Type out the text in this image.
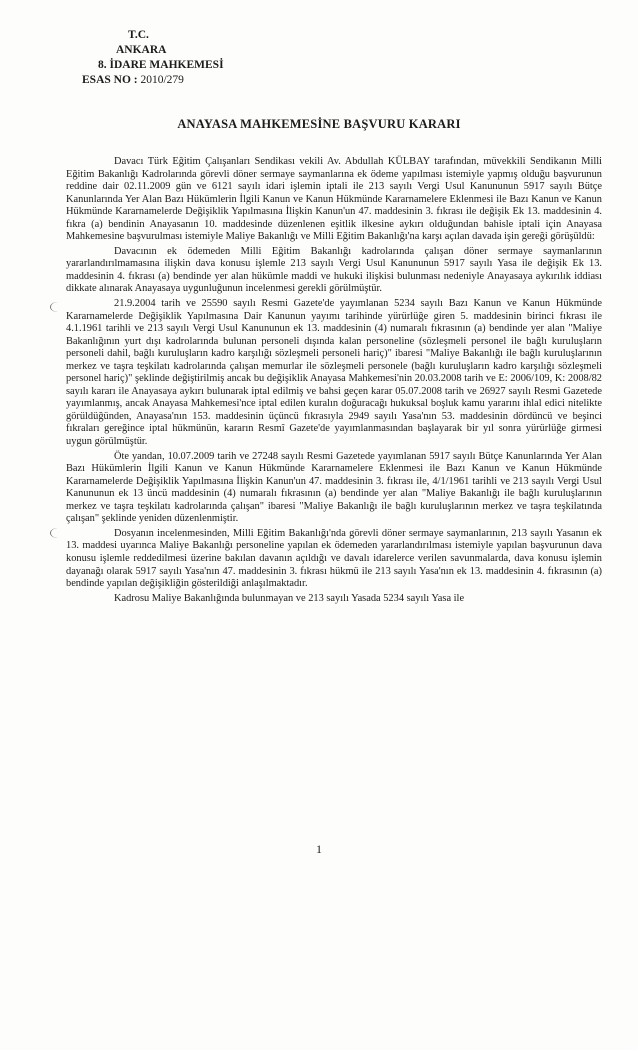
T.C.
ANKARA
8. İDARE MAHKEMESİ
ESAS NO : 2010/279
ANAYASA MAHKEMESİNE BAŞVURU KARARI

Davacı Türk Eğitim Çalışanları Sendikası vekili Av. Abdullah KÜLBAY tarafından, müvekkili Sendikanın Milli Eğitim Bakanlığı Kadrolarında görevli döner sermaye saymanlarına ek ödeme yapılması istemiyle yapmış olduğu başvurunun reddine dair 02.11.2009 gün ve 6121 sayılı idari işlemin iptali ile 213 sayılı Vergi Usul Kanununun 5917 sayılı Bütçe Kanunlarında Yer Alan Bazı Hükümlerin İlgili Kanun ve Kanun Hükmünde Kararnamelere Eklenmesi ile Bazı Kanun ve Kanun Hükmünde Kararnamelerde Değişiklik Yapılmasına İlişkin Kanun'un 47. maddesinin 3. fıkrası ile değişik Ek 13. maddesinin 4. fıkra (a) bendinin Anayasanın 10. maddesinde düzenlenen eşitlik ilkesine aykırı olduğundan bahisle iptali için Anayasa Mahkemesine başvurulması istemiyle Maliye Bakanlığı ve Milli Eğitim Bakanlığı'na karşı açılan davada işin gereği görüşüldü:

Davacının ek ödemeden Milli Eğitim Bakanlığı kadrolarında çalışan döner sermaye saymanlarının yararlandırılmamasına ilişkin dava konusu işlemle 213 sayılı Vergi Usul Kanununun 5917 sayılı Yasa ile değişik Ek 13. maddesinin 4. fıkrası (a) bendinde yer alan hükümle maddi ve hukuki ilişkisi bulunması nedeniyle Anayasaya aykırılık iddiası dikkate alınarak Anayasaya uygunluğunun incelenmesi gerekli görülmüştür.

21.9.2004 tarih ve 25590 sayılı Resmi Gazete'de yayımlanan 5234 sayılı Bazı Kanun ve Kanun Hükmünde Kararnamelerde Değişiklik Yapılmasına Dair Kanunun yayımı tarihinde yürürlüğe giren 5. maddesinin birinci fıkrası ile 4.1.1961 tarihli ve 213 sayılı Vergi Usul Kanununun ek 13. maddesinin (4) numaralı fıkrasının (a) bendinde yer alan "Maliye Bakanlığının yurt dışı kadrolarında bulunan personeli dışında kalan personeline (sözleşmeli personel ile bağlı kuruluşların personeli dahil, bağlı kuruluşların kadro karşılığı sözleşmeli personeli hariç)" ibaresi "Maliye Bakanlığı ile bağlı kuruluşlarının merkez ve taşra teşkilatı kadrolarında çalışan memurlar ile sözleşmeli personele (bağlı kuruluşların kadro karşılığı sözleşmeli personel hariç)" şeklinde değiştirilmiş ancak bu değişiklik Anayasa Mahkemesi'nin 20.03.2008 tarih ve E: 2006/109, K: 2008/82 sayılı kararı ile Anayasaya aykırı bulunarak iptal edilmiş ve bahsi geçen karar 05.07.2008 tarih ve 26927 sayılı Resmi Gazetede yayımlanmış, ancak Anayasa Mahkemesi'nce iptal edilen kuralın doğuracağı hukuksal boşluk kamu yararını ihlal edici nitelikte görüldüğünden, Anayasa'nın 153. maddesinin üçüncü fıkrasıyla 2949 sayılı Yasa'nın 53. maddesinin dördüncü ve beşinci fıkraları gereğince iptal hükmünün, kararın Resmî Gazete'de yayımlanmasından başlayarak bir yıl sonra yürürlüğe girmesi uygun görülmüştür.

Öte yandan, 10.07.2009 tarih ve 27248 sayılı Resmi Gazetede yayımlanan 5917 sayılı Bütçe Kanunlarında Yer Alan Bazı Hükümlerin İlgili Kanun ve Kanun Hükmünde Kararnamelere Eklenmesi ile Bazı Kanun ve Kanun Hükmünde Kararnamelerde Değişiklik Yapılmasına İlişkin Kanun'un 47. maddesinin 3. fıkrası ile, 4/1/1961 tarihli ve 213 sayılı Vergi Usul Kanununun ek 13 üncü maddesinin (4) numaralı fıkrasının (a) bendinde yer alan "Maliye Bakanlığı ile bağlı kuruluşlarının merkez ve taşra teşkilatı kadrolarında çalışan" ibaresi "Maliye Bakanlığı ile bağlı kuruluşlarının merkez ve taşra teşkilatında çalışan" şeklinde yeniden düzenlenmiştir.

Dosyanın incelenmesinden, Milli Eğitim Bakanlığı'nda görevli döner sermaye saymanlarının, 213 sayılı Yasanın ek 13. maddesi uyarınca Maliye Bakanlığı personeline yapılan ek ödemeden yararlandırılması istemiyle yapılan başvurunun dava konusu işlemle reddedilmesi üzerine bakılan davanın açıldığı ve davalı idarelerce verilen savunmalarda, dava konusu işlemin dayanağı olarak 5917 sayılı Yasa'nın 47. maddesinin 3. fıkrası hükmü ile 213 sayılı Yasa'nın ek 13. maddesinin 4. fıkrasının (a) bendinde yapılan değişikliğin gösterildiği anlaşılmaktadır.

Kadrosu Maliye Bakanlığında bulunmayan ve 213 sayılı Yasada 5234 sayılı Yasa ile

1
